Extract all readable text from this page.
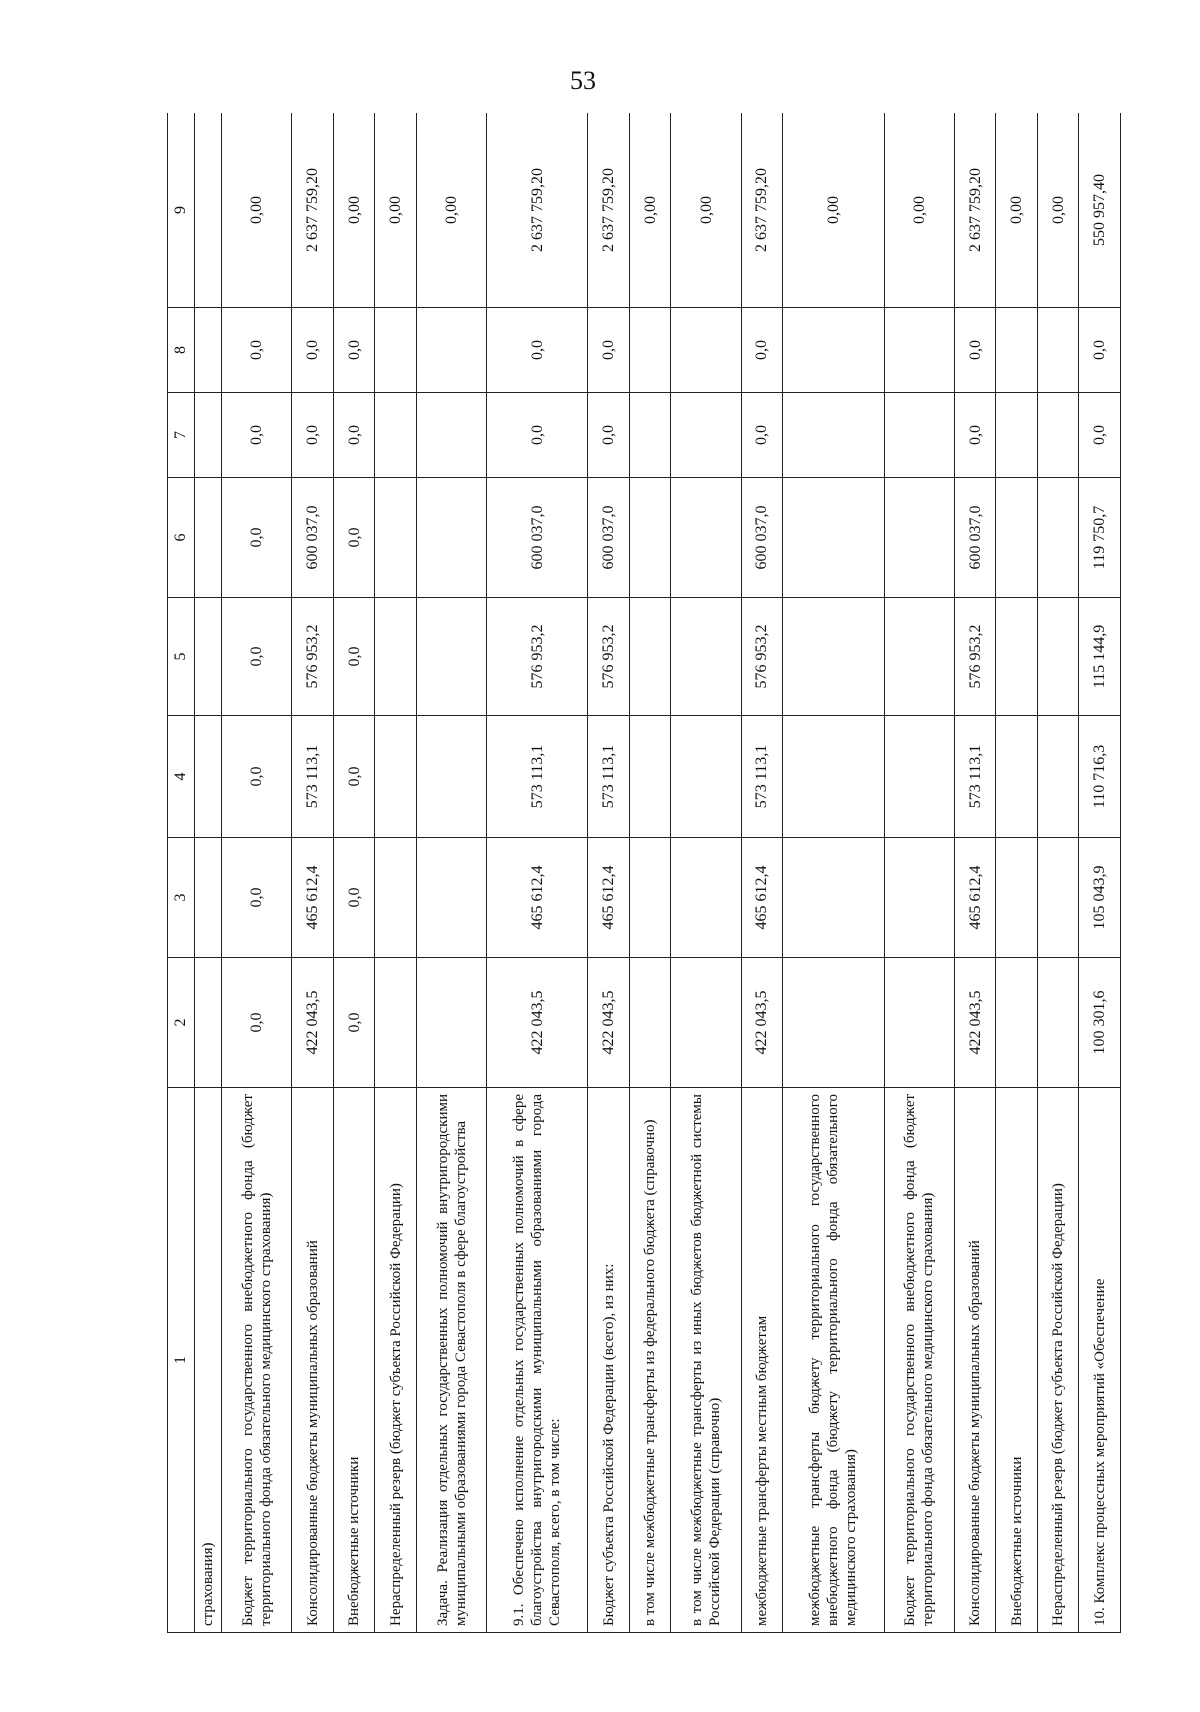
53
1	2	3	4	5	6	7	8	9
страхования)								
Бюджет территориального государственного внебюджетного фонда (бюджет территориального фонда обязательного медицинского страхования)	0,0	0,0	0,0	0,0	0,0	0,0	0,0	0,00
Консолидированные бюджеты муниципальных образований	422 043,5	465 612,4	573 113,1	576 953,2	600 037,0	0,0	0,0	2 637 759,20
Внебюджетные источники	0,0	0,0	0,0	0,0	0,0	0,0	0,0	0,00
Нераспределенный резерв (бюджет субъекта Российской Федерации)								0,00
Задача. Реализация отдельных государственных полномочий внутригородскими муниципальными образованиями города Севастополя в сфере благоустройства								0,00
9.1. Обеспечено исполнение отдельных государственных полномочий в сфере благоустройства внутригородскими муниципальными образованиями города Севастополя, всего, в том числе:	422 043,5	465 612,4	573 113,1	576 953,2	600 037,0	0,0	0,0	2 637 759,20
Бюджет субъекта Российской Федерации (всего), из них:	422 043,5	465 612,4	573 113,1	576 953,2	600 037,0	0,0	0,0	2 637 759,20
в том числе межбюджетные трансферты из федерального бюджета (справочно)								0,00
в том числе межбюджетные трансферты из иных бюджетов бюджетной системы Российской Федерации (справочно)								0,00
межбюджетные трансферты местным бюджетам	422 043,5	465 612,4	573 113,1	576 953,2	600 037,0	0,0	0,0	2 637 759,20
межбюджетные трансферты бюджету территориального государственного внебюджетного фонда (бюджету территориального фонда обязательного медицинского страхования)								0,00
Бюджет территориального государственного внебюджетного фонда (бюджет территориального фонда обязательного медицинского страхования)								0,00
Консолидированные бюджеты муниципальных образований	422 043,5	465 612,4	573 113,1	576 953,2	600 037,0	0,0	0,0	2 637 759,20
Внебюджетные источники								0,00
Нераспределенный резерв (бюджет субъекта Российской Федерации)								0,00
10. Комплекс процессных мероприятий «Обеспечение	100 301,6	105 043,9	110 716,3	115 144,9	119 750,7	0,0	0,0	550 957,40
